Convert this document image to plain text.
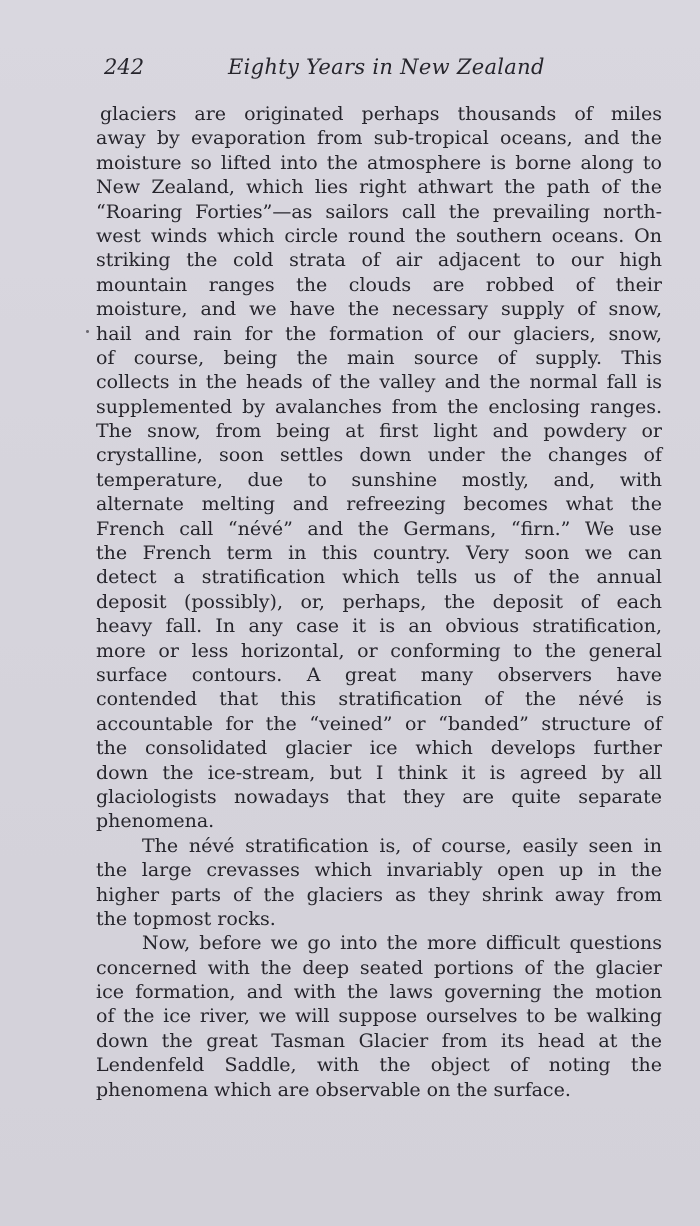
242	Eighty Years in New Zealand
glaciers are originated perhaps thousands of miles
away by evaporation from sub-tropical oceans, and the
moisture so lifted into the atmosphere is borne along to
New Zealand, which lies right athwart the path of the
“Roaring Forties”—as sailors call the prevailing north-
west winds which circle round the southern oceans. On
striking the cold strata of air adjacent to our high
mountain ranges the clouds are robbed of their
moisture, and we have the necessary supply of snow,
hail and rain for the formation of our glaciers, snow,
of course, being the main source of supply. This
collects in the heads of the valley and the normal fall is
supplemented by avalanches from the enclosing ranges.
The snow, from being at first light and powdery or
crystalline, soon settles down under the changes of
temperature, due to sunshine mostly, and, with
alternate melting and refreezing becomes what the
French call “névé” and the Germans, “firn.” We use
the French term in this country. Very soon we can
detect a stratification which tells us of the annual
deposit (possibly), or, perhaps, the deposit of each
heavy fall. In any case it is an obvious stratification,
more or less horizontal, or conforming to the general
surface contours. A great many observers have
contended that this stratification of the névé is
accountable for the “veined” or “banded” structure of
the consolidated glacier ice which develops further
down the ice-stream, but I think it is agreed by all
glaciologists nowadays that they are quite separate
phenomena.
The névé stratification is, of course, easily seen in
the large crevasses which invariably open up in the
higher parts of the glaciers as they shrink away from
the topmost rocks.
Now, before we go into the more difficult questions
concerned with the deep seated portions of the glacier
ice formation, and with the laws governing the motion
of the ice river, we will suppose ourselves to be walking
down the great Tasman Glacier from its head at the
Lendenfeld Saddle, with the object of noting the
phenomena which are observable on the surface.
